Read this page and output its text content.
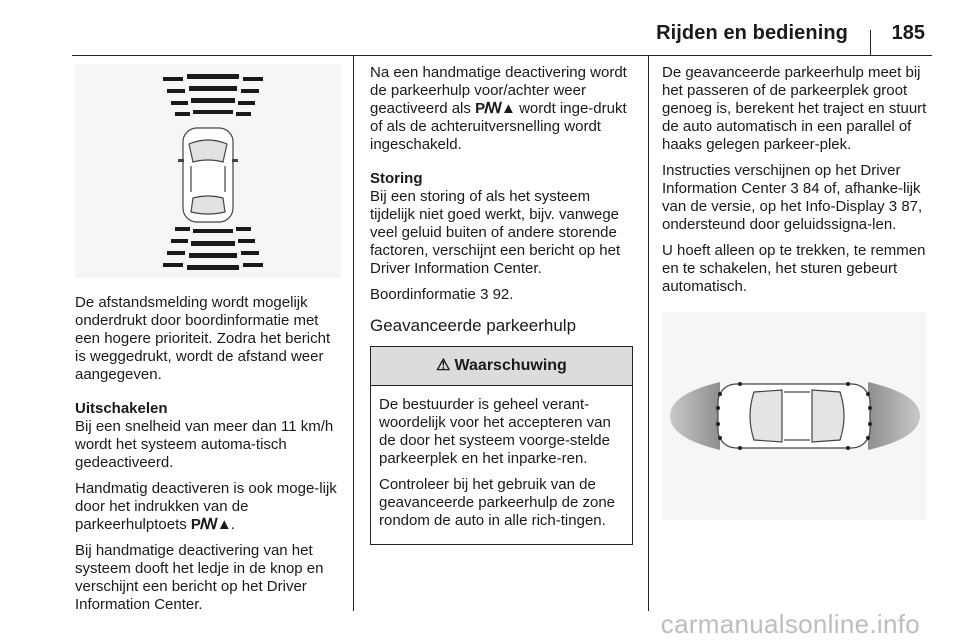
Rijden en bediening 185

De afstandsmelding wordt mogelijk onderdrukt door boordinformatie met een hogere prioriteit. Zodra het bericht is weggedrukt, wordt de afstand weer aangegeven.

Uitschakelen

Bij een snelheid van meer dan 11 km/h wordt het systeem automa-tisch gedeactiveerd.

Handmatig deactiveren is ook moge-lijk door het indrukken van de parkeerhulptoets Pꟿ▲.

Bij handmatige deactivering van het systeem dooft het ledje in de knop en verschijnt een bericht op het Driver Information Center.

Na een handmatige deactivering wordt de parkeerhulp voor/achter weer geactiveerd als Pꟿ▲ wordt inge-drukt of als de achteruitversnelling wordt ingeschakeld.

Storing

Bij een storing of als het systeem tijdelijk niet goed werkt, bijv. vanwege veel geluid buiten of andere storende factoren, verschijnt een bericht op het Driver Information Center.

Boordinformatie 3 92.

Geavanceerde parkeerhulp
⚠ Waarschuwing

De bestuurder is geheel verant-woordelijk voor het accepteren van de door het systeem voorge-stelde parkeerplek en het inparke-ren.

Controleer bij het gebruik van de geavanceerde parkeerhulp de zone rondom de auto in alle rich-tingen.

De geavanceerde parkeerhulp meet bij het passeren of de parkeerplek groot genoeg is, berekent het traject en stuurt de auto automatisch in een parallel of haaks gelegen parkeer-plek.

Instructies verschijnen op het Driver Information Center 3 84 of, afhanke-lijk van de versie, op het Info-Display 3 87, ondersteund door geluidssigna-len.

U hoeft alleen op te trekken, te remmen en te schakelen, het sturen gebeurt automatisch.

carmanualsonline.info
